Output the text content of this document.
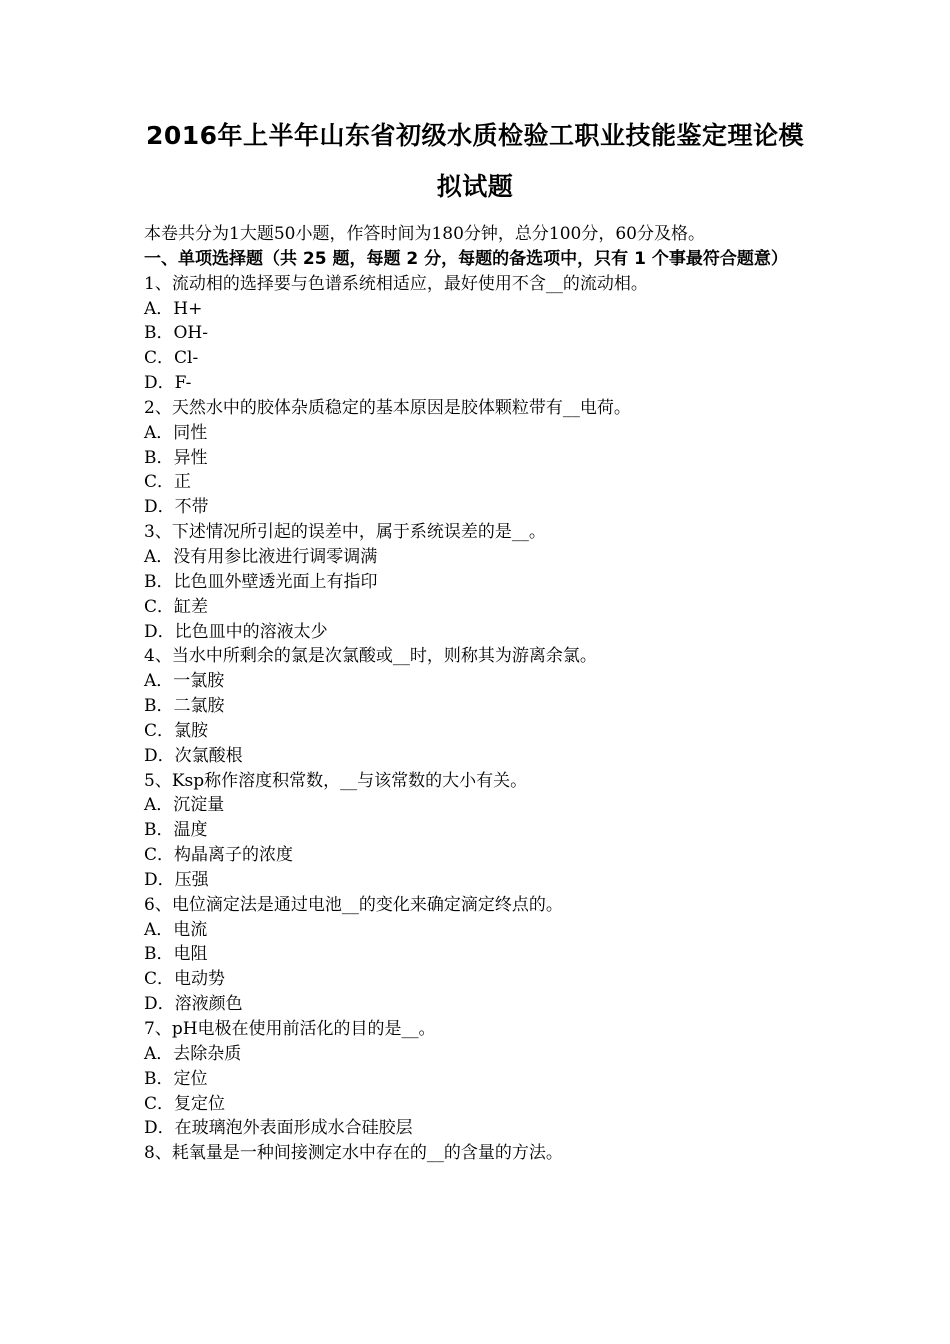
2016年上半年山东省初级水质检验工职业技能鉴定理论模
拟试题
本卷共分为1大题50小题，作答时间为180分钟，总分100分，60分及格。
一、单项选择题（共 25 题，每题 2 分，每题的备选项中，只有 1 个事最符合题意）
1、流动相的选择要与色谱系统相适应，最好使用不含__的流动相。
A．H+
B．OH-
C．Cl-
D．F-
2、天然水中的胶体杂质稳定的基本原因是胶体颗粒带有__电荷。
A．同性
B．异性
C．正
D．不带
3、下述情况所引起的误差中，属于系统误差的是__。
A．没有用参比液进行调零调满
B．比色皿外壁透光面上有指印
C．缸差
D．比色皿中的溶液太少
4、当水中所剩余的氯是次氯酸或__时，则称其为游离余氯。
A．一氯胺
B．二氯胺
C．氯胺
D．次氯酸根
5、Ksp称作溶度积常数，__与该常数的大小有关。
A．沉淀量
B．温度
C．构晶离子的浓度
D．压强
6、电位滴定法是通过电池__的变化来确定滴定终点的。
A．电流
B．电阻
C．电动势
D．溶液颜色
7、pH电极在使用前活化的目的是__。
A．去除杂质
B．定位
C．复定位
D．在玻璃泡外表面形成水合硅胶层
8、耗氧量是一种间接测定水中存在的__的含量的方法。
